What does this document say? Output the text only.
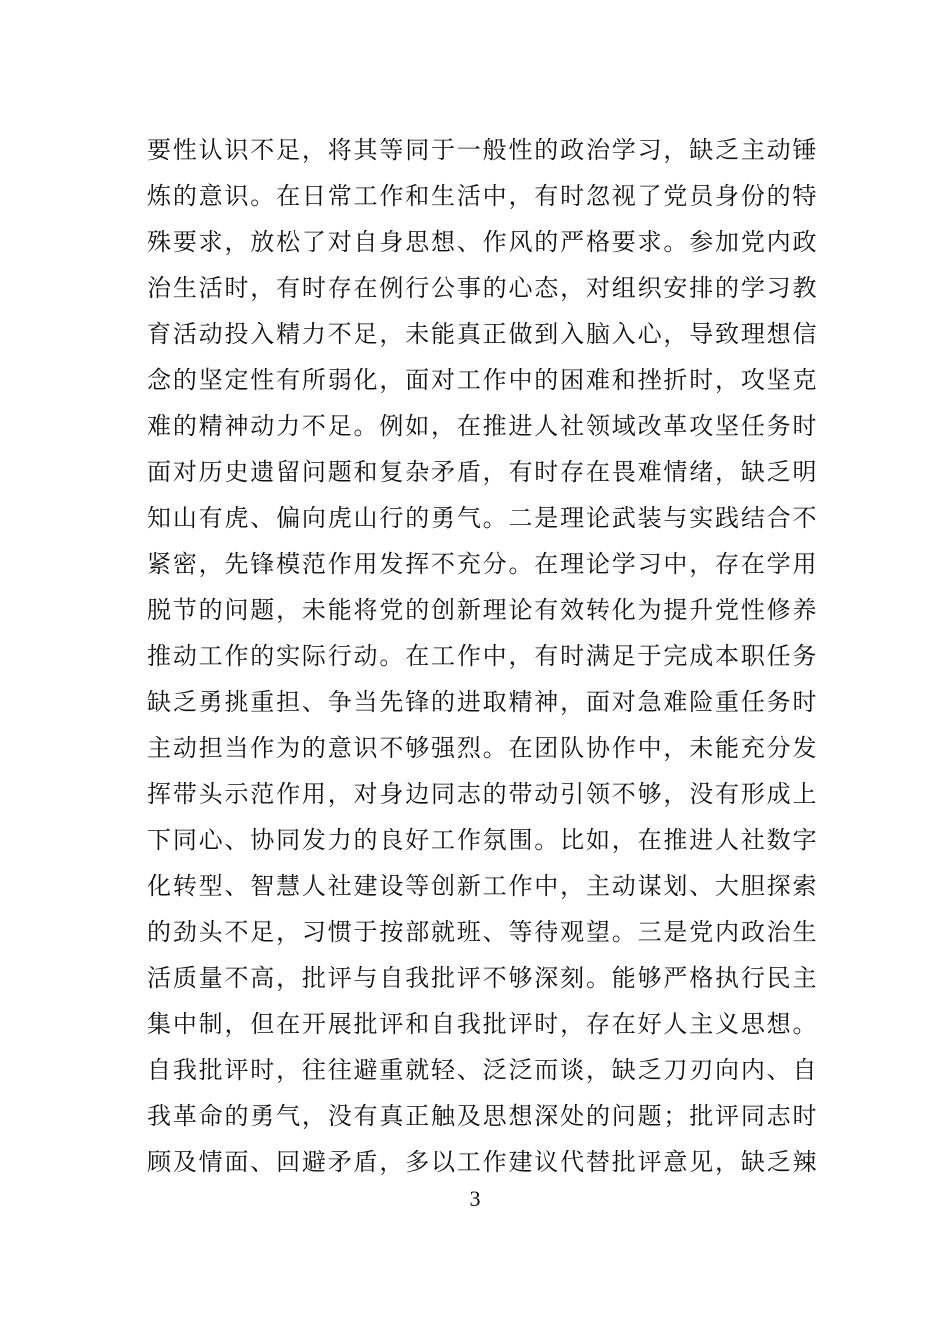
要性认识不足，将其等同于一般性的政治学习，缺乏主动锤
炼的意识。在日常工作和生活中，有时忽视了党员身份的特
殊要求，放松了对自身思想、作风的严格要求。参加党内政
治生活时，有时存在例行公事的心态，对组织安排的学习教
育活动投入精力不足，未能真正做到入脑入心，导致理想信
念的坚定性有所弱化，面对工作中的困难和挫折时，攻坚克
难的精神动力不足。例如，在推进人社领域改革攻坚任务时
面对历史遗留问题和复杂矛盾，有时存在畏难情绪，缺乏明
知山有虎、偏向虎山行的勇气。二是理论武装与实践结合不
紧密，先锋模范作用发挥不充分。在理论学习中，存在学用
脱节的问题，未能将党的创新理论有效转化为提升党性修养
推动工作的实际行动。在工作中，有时满足于完成本职任务
缺乏勇挑重担、争当先锋的进取精神，面对急难险重任务时
主动担当作为的意识不够强烈。在团队协作中，未能充分发
挥带头示范作用，对身边同志的带动引领不够，没有形成上
下同心、协同发力的良好工作氛围。比如，在推进人社数字
化转型、智慧人社建设等创新工作中，主动谋划、大胆探索
的劲头不足，习惯于按部就班、等待观望。三是党内政治生
活质量不高，批评与自我批评不够深刻。能够严格执行民主
集中制，但在开展批评和自我批评时，存在好人主义思想。
自我批评时，往往避重就轻、泛泛而谈，缺乏刀刃向内、自
我革命的勇气，没有真正触及思想深处的问题；批评同志时
顾及情面、回避矛盾，多以工作建议代替批评意见，缺乏辣
3
